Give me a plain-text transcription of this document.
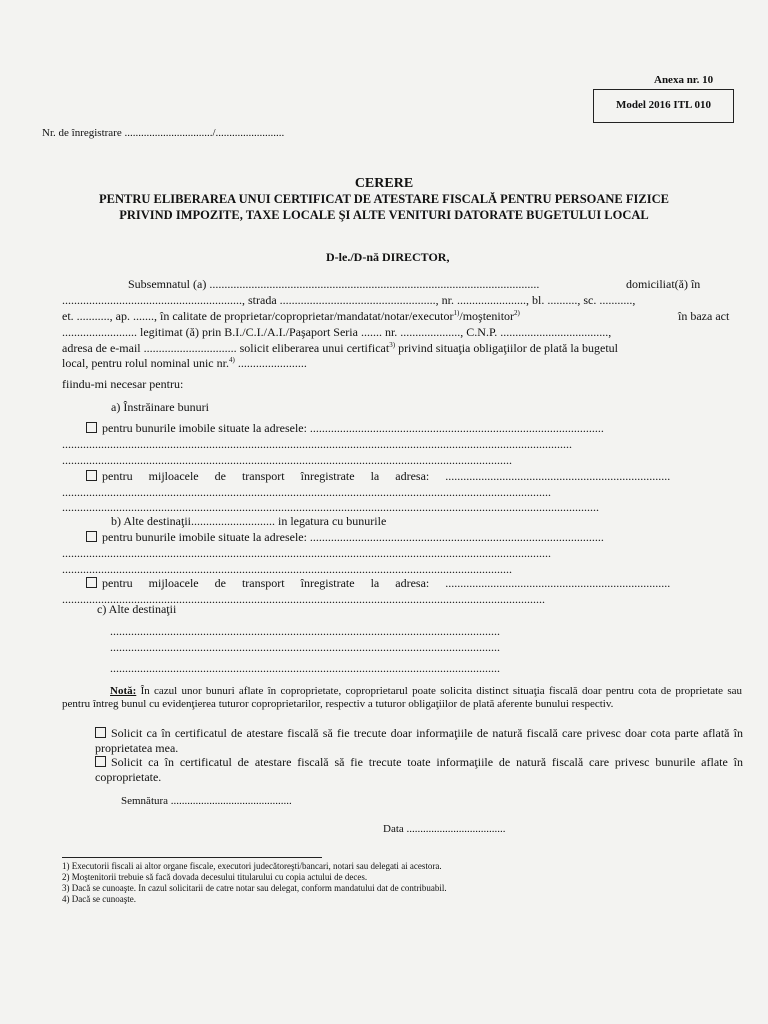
Anexa nr. 10
Model 2016 ITL 010
Nr. de înregistrare ................................/.........................
CERERE
PENTRU ELIBERAREA UNUI CERTIFICAT DE ATESTARE FISCALĂ PENTRU PERSOANE FIZICE
PRIVIND IMPOZITE, TAXE LOCALE ŞI ALTE VENITURI DATORATE BUGETULUI LOCAL
D-le./D-nă DIRECTOR,
Subsemnatul (a) ..............................................................................................................	domiciliat(ă) în
............................................................, strada ...................................................., nr. ......................., bl. .........., sc. ...........,
et. ..........., ap. ......., în calitate de proprietar/coproprietar/mandatat/notar/executor$^{1)}$/moştenitor$^{2)}$	în baza act
......................... legitimat (ă) prin B.I./C.I./A.I./Paşaport Seria ....... nr. ...................., C.N.P. ....................................,
adresa de e-mail ............................... solicit eliberarea unui certificat$^{3)}$ privind situaţia obligaţiilor de plată la bugetul
local, pentru rolul nominal unic nr.$^{4)}$ .......................
fiindu-mi necesar pentru:
a) Înstrăinare bunuri
pentru bunurile imobile situate la adresele: ..................................................................................................
..........................................................................................................................................................................
......................................................................................................................................................
pentru mijloacele de transport înregistrate la adresa: ...........................................................................
...................................................................................................................................................................
...................................................................................................................................................................................
b) Alte destinaţii............................ in legatura cu bunurile
pentru bunurile imobile situate la adresele: ..................................................................................................
...................................................................................................................................................................
......................................................................................................................................................
pentru mijloacele de transport înregistrate la adresa: ...........................................................................
.................................................................................................................................................................
c) Alte destinaţii
..................................................................................................................................
..................................................................................................................................
..................................................................................................................................
Notă: În cazul unor bunuri aflate în coproprietate, coproprietarul poate solicita distinct situaţia fiscală doar pentru cota de proprietate sau pentru întreg bunul cu evidenţierea tuturor coproprietarilor, respectiv a tuturor obligaţiilor de plată aferente bunului respectiv.
Solicit ca în certificatul de atestare fiscală să fie trecute doar informaţiile de natură fiscală care privesc doar cota parte aflată în proprietatea mea.
Solicit ca în certificatul de atestare fiscală să fie trecute toate informaţiile de natură fiscală care privesc bunurile aflate în coproprietate.
Semnătura ............................................
Data ....................................
1) Executorii fiscali ai altor organe fiscale, executori judecătoreşti/bancari, notari sau delegati ai acestora.
2) Moştenitorii trebuie să facă dovada decesului titularului cu copia actului de deces.
3) Dacă se cunoaşte. In cazul solicitarii de catre notar sau delegat, conform mandatului dat de contribuabil.
4) Dacă se cunoaşte.
